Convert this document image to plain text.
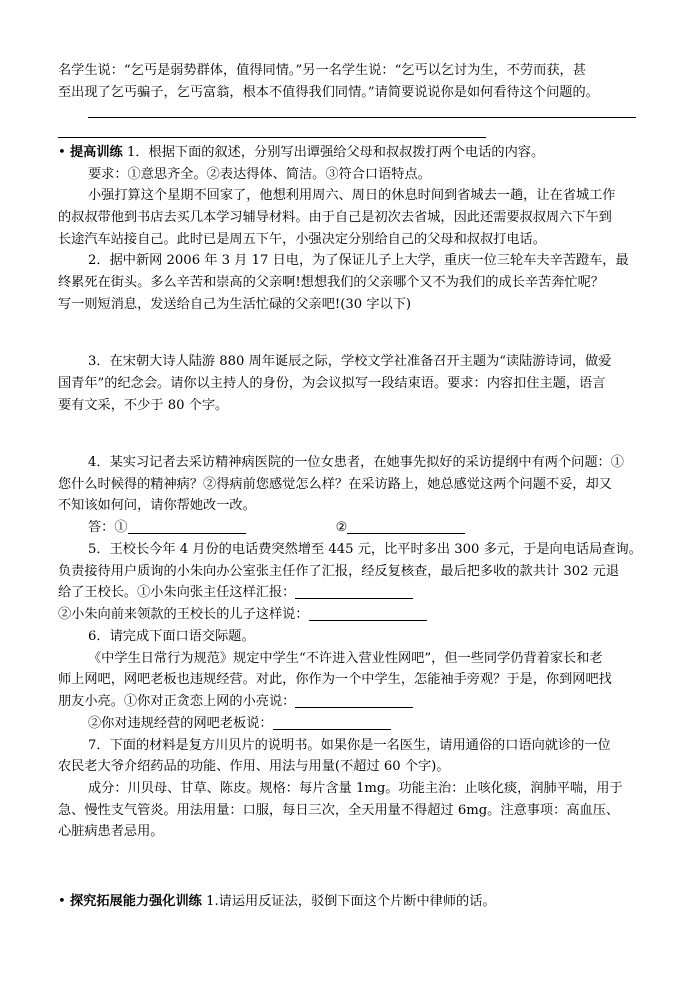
名学生说：“乞丐是弱势群体，值得同情。”另一名学生说：“乞丐以乞讨为生，不劳而获，甚
至出现了乞丐骗子，乞丐富翁，根本不值得我们同情。”请简要说说你是如何看待这个问题的。
• 提高训练 1．根据下面的叙述，分别写出谭强给父母和叔叔拨打两个电话的内容。
要求：①意思齐全。②表达得体、简洁。③符合口语特点。
小强打算这个星期不回家了，他想利用周六、周日的休息时间到省城去一趟，让在省城工作
的叔叔带他到书店去买几本学习辅导材料。由于自己是初次去省城，因此还需要叔叔周六下午到
长途汽车站接自己。此时已是周五下午，小强决定分别给自己的父母和叔叔打电话。
2．据中新网 2006 年 3 月 17 日电，为了保证儿子上大学，重庆一位三轮车夫辛苦蹬车，最
终累死在街头。多么辛苦和崇高的父亲啊!想想我们的父亲哪个又不为我们的成长辛苦奔忙呢？
写一则短消息，发送给自己为生活忙碌的父亲吧!(30 字以下)
3．在宋朝大诗人陆游 880 周年诞辰之际，学校文学社准备召开主题为“读陆游诗词，做爱
国青年”的纪念会。请你以主持人的身份，为会议拟写一段结束语。要求：内容扣住主题，语言
要有文采，不少于 80 个字。
4．某实习记者去采访精神病医院的一位女患者，在她事先拟好的采访提纲中有两个问题：①
您什么时候得的精神病？②得病前您感觉怎么样？在采访路上，她总感觉这两个问题不妥，却又
不知该如何问，请你帮她改一改。
答：①	②
5．王校长今年 4 月份的电话费突然增至 445 元，比平时多出 300 多元，于是向电话局查询。
负责接待用户质询的小朱向办公室张主任作了汇报，经反复核查，最后把多收的款共计 302 元退
给了王校长。①小朱向张主任这样汇报：
②小朱向前来领款的王校长的儿子这样说：
6．请完成下面口语交际题。
《中学生日常行为规范》规定中学生“不许进入营业性网吧”，但一些同学仍背着家长和老
师上网吧，网吧老板也违规经营。对此，你作为一个中学生，怎能袖手旁观？于是，你到网吧找
朋友小亮。①你对正贪恋上网的小亮说：
②你对违规经营的网吧老板说：
7．下面的材料是复方川贝片的说明书。如果你是一名医生，请用通俗的口语向就诊的一位
农民老大爷介绍药品的功能、作用、用法与用量(不超过 60 个字)。
成分：川贝母、甘草、陈皮。规格：每片含量 1mg。功能主治：止咳化痰，润肺平喘，用于
急、慢性支气管炎。用法用量：口服，每日三次，全天用量不得超过 6mg。注意事项：高血压、
心脏病患者忌用。
• 探究拓展能力强化训练 1.请运用反证法，驳倒下面这个片断中律师的话。
